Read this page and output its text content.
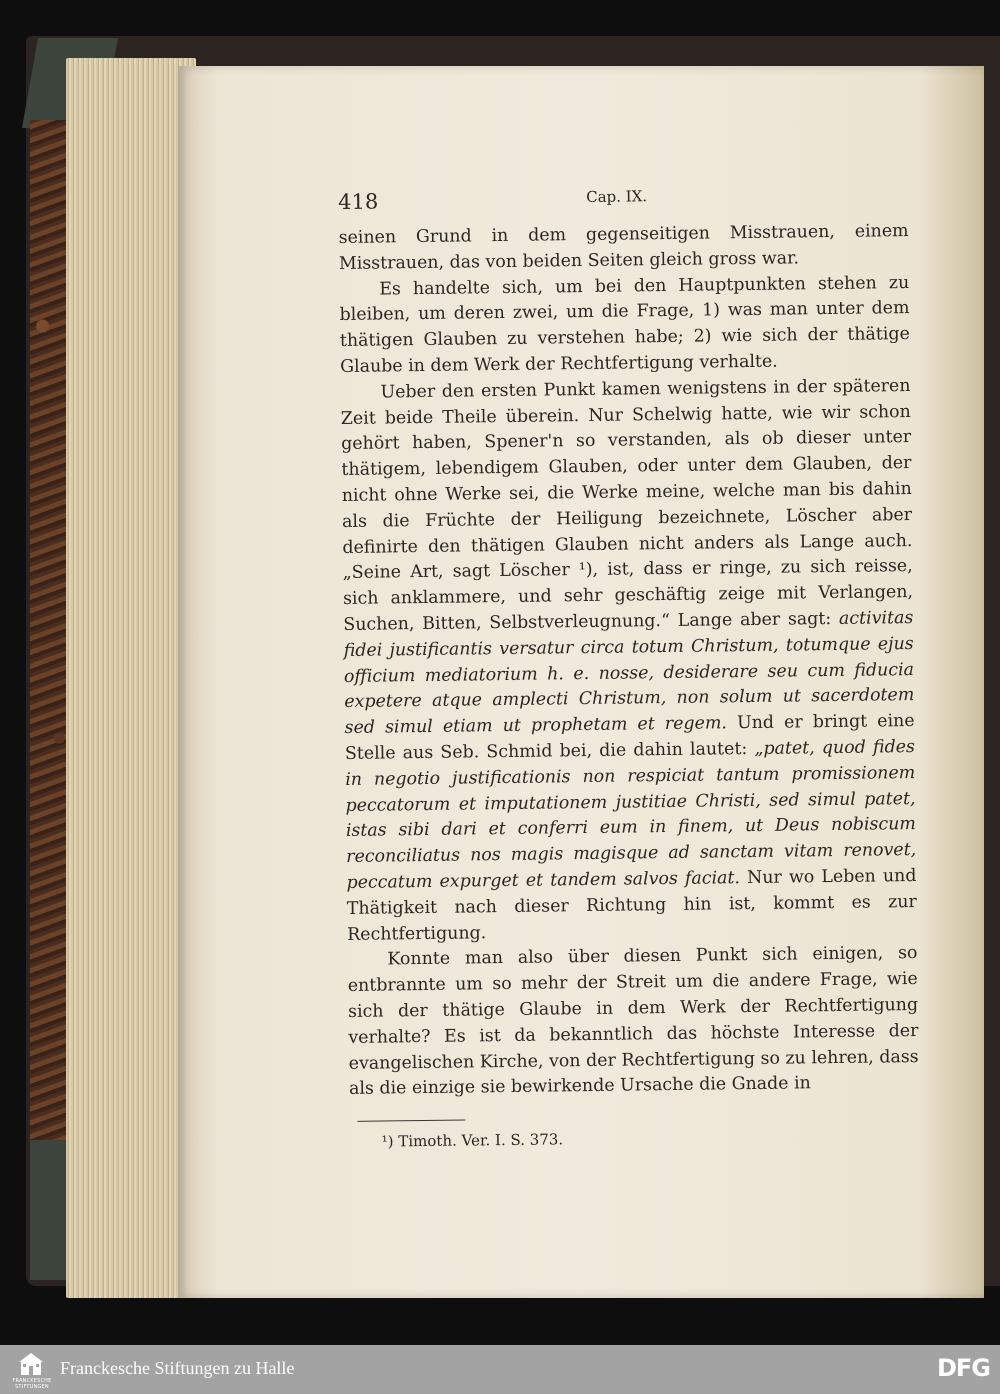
418	Cap. IX.

seinen Grund in dem gegenseitigen Misstrauen, einem Misstrauen, das von beiden Seiten gleich gross war.

Es handelte sich, um bei den Hauptpunkten stehen zu bleiben, um deren zwei, um die Frage, 1) was man unter dem thätigen Glauben zu verstehen habe; 2) wie sich der thätige Glaube in dem Werk der Rechtfertigung verhalte.

Ueber den ersten Punkt kamen wenigstens in der späteren Zeit beide Theile überein. Nur Schelwig hatte, wie wir schon gehört haben, Spener'n so verstanden, als ob dieser unter thätigem, lebendigem Glauben, oder unter dem Glauben, der nicht ohne Werke sei, die Werke meine, welche man bis dahin als die Früchte der Heiligung bezeichnete, Löscher aber definirte den thätigen Glauben nicht anders als Lange auch. „Seine Art, sagt Löscher ¹), ist, dass er ringe, zu sich reisse, sich anklammere, und sehr geschäftig zeige mit Verlangen, Suchen, Bitten, Selbstverleugnung.“ Lange aber sagt: activitas fidei justificantis versatur circa totum Christum, totumque ejus officium mediatorium h. e. nosse, desiderare seu cum fiducia expetere atque amplecti Christum, non solum ut sacerdotem sed simul etiam ut prophetam et regem. Und er bringt eine Stelle aus Seb. Schmid bei, die dahin lautet: „patet, quod fides in negotio justificationis non respiciat tantum promissionem peccatorum et imputationem justitiae Christi, sed simul patet, istas sibi dari et conferri eum in finem, ut Deus nobiscum reconciliatus nos magis magisque ad sanctam vitam renovet, peccatum expurget et tandem salvos faciat. Nur wo Leben und Thätigkeit nach dieser Richtung hin ist, kommt es zur Rechtfertigung.

Konnte man also über diesen Punkt sich einigen, so entbrannte um so mehr der Streit um die andere Frage, wie sich der thätige Glaube in dem Werk der Rechtfertigung verhalte? Es ist da bekanntlich das höchste Interesse der evangelischen Kirche, von der Rechtfertigung so zu lehren, dass als die einzige sie bewirkende Ursache die Gnade in

¹) Timoth. Ver. I. S. 373.
FRANCKESCHE STIFTUNGEN
Franckesche Stiftungen zu Halle	DFG
